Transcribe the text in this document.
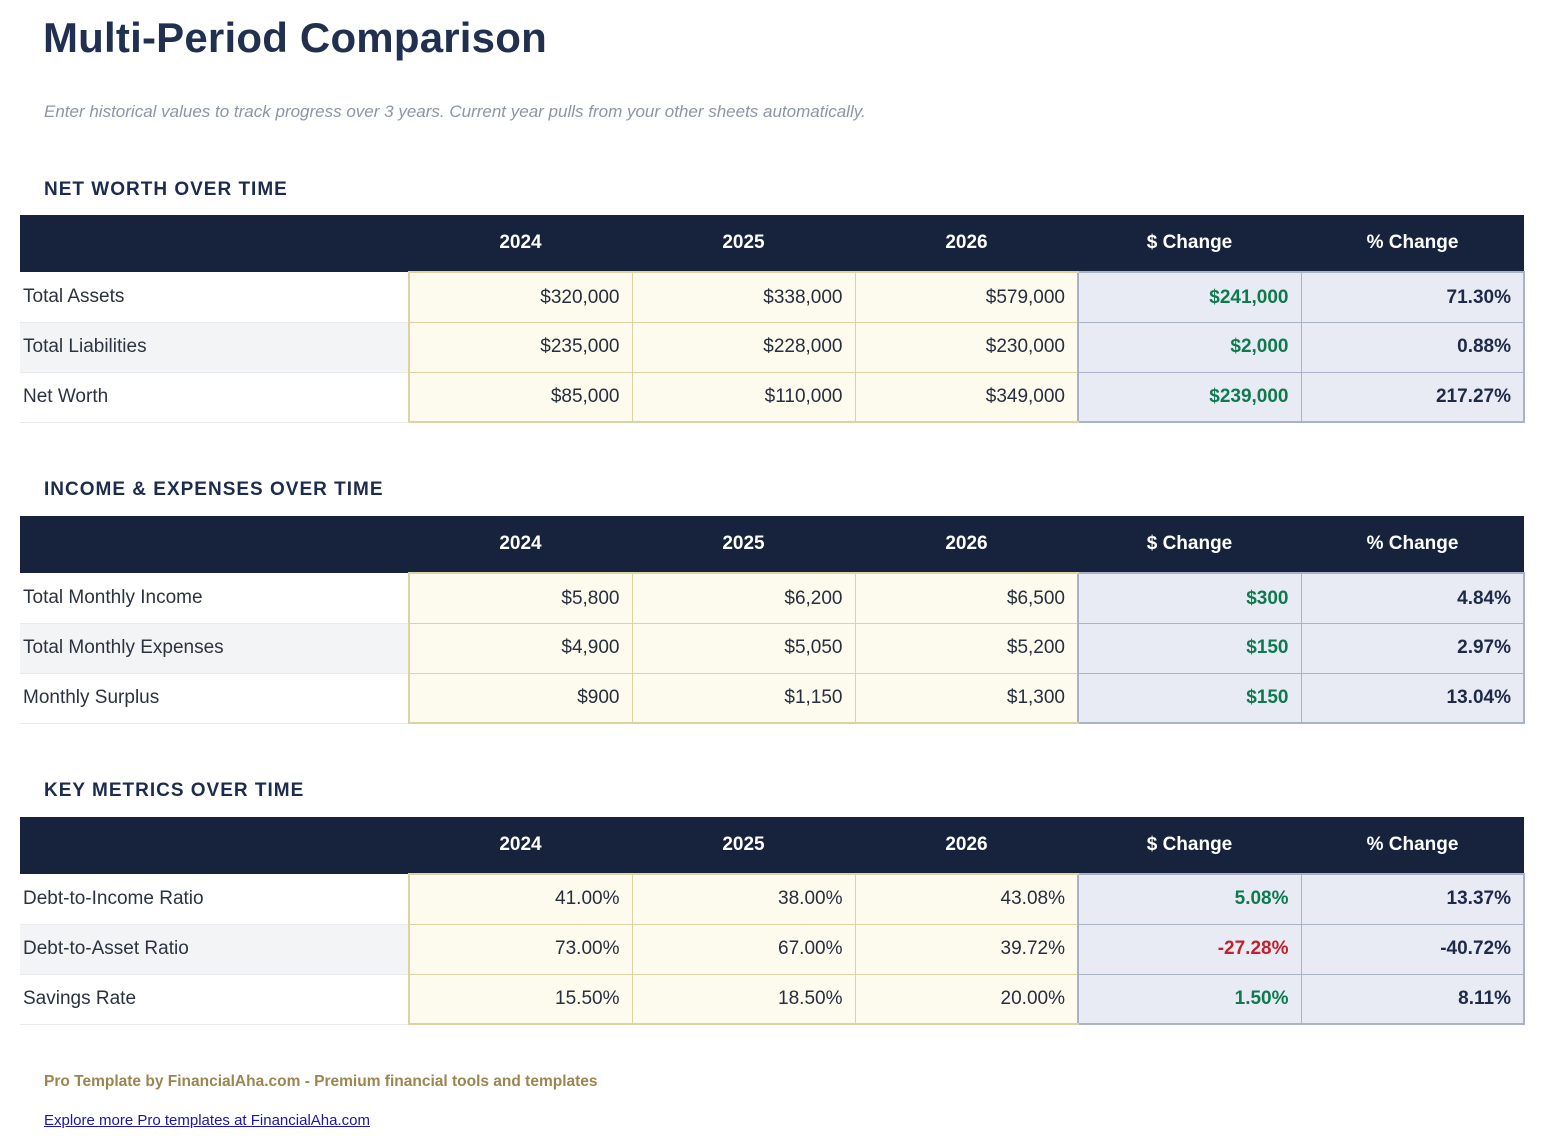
Multi-Period Comparison

Enter historical values to track progress over 3 years. Current year pulls from your other sheets automatically.

NET WORTH OVER TIME
	2024	2025	2026	$ Change	% Change
Total Assets	$320,000	$338,000	$579,000	$241,000	71.30%
Total Liabilities	$235,000	$228,000	$230,000	$2,000	0.88%
Net Worth	$85,000	$110,000	$349,000	$239,000	217.27%
INCOME & EXPENSES OVER TIME
	2024	2025	2026	$ Change	% Change
Total Monthly Income	$5,800	$6,200	$6,500	$300	4.84%
Total Monthly Expenses	$4,900	$5,050	$5,200	$150	2.97%
Monthly Surplus	$900	$1,150	$1,300	$150	13.04%
KEY METRICS OVER TIME
	2024	2025	2026	$ Change	% Change
Debt-to-Income Ratio	41.00%	38.00%	43.08%	5.08%	13.37%
Debt-to-Asset Ratio	73.00%	67.00%	39.72%	-27.28%	-40.72%
Savings Rate	15.50%	18.50%	20.00%	1.50%	8.11%

Pro Template by FinancialAha.com - Premium financial tools and templates

Explore more Pro templates at FinancialAha.com
